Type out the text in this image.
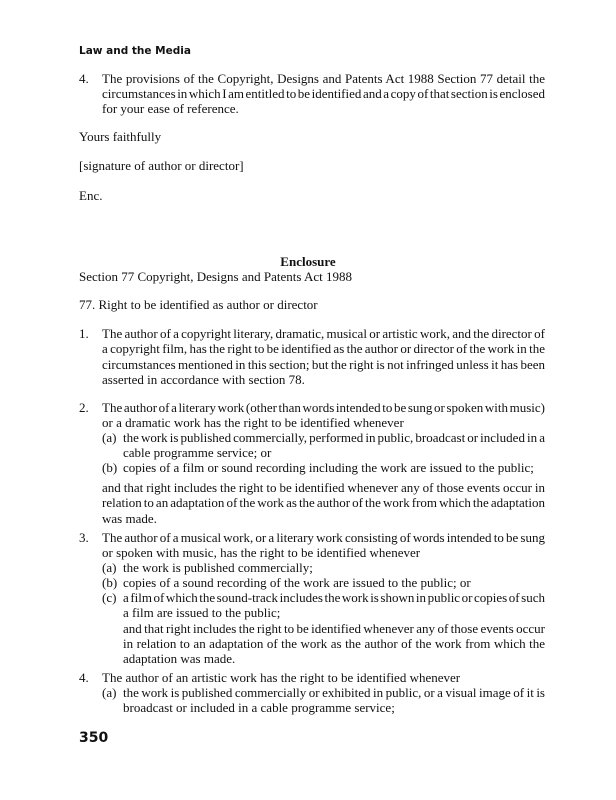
Law and the Media
Enclosure
350
4. The provisions of the Copyright, Designs and Patents Act 1988 Section 77 detail the
circumstances in which I am entitled to be identified and a copy of that section is enclosed
for your ease of reference.
Yours faithfully
[signature of author or director]
Enc.
Section 77 Copyright, Designs and Patents Act 1988
77. Right to be identified as author or director
1. The author of a copyright literary, dramatic, musical or artistic work, and the director of
a copyright film, has the right to be identified as the author or director of the work in the
circumstances mentioned in this section; but the right is not infringed unless it has been
asserted in accordance with section 78.
2. The author of a literary work (other than words intended to be sung or spoken with music)
or a dramatic work has the right to be identified whenever
(a) the work is published commercially, performed in public, broadcast or included in a
cable programme service; or
(b) copies of a film or sound recording including the work are issued to the public;
and that right includes the right to be identified whenever any of those events occur in
relation to an adaptation of the work as the author of the work from which the adaptation
was made.
3. The author of a musical work, or a literary work consisting of words intended to be sung
or spoken with music, has the right to be identified whenever
(a) the work is published commercially;
(b) copies of a sound recording of the work are issued to the public; or
(c) a film of which the sound-track includes the work is shown in public or copies of such
a film are issued to the public;
and that right includes the right to be identified whenever any of those events occur
in relation to an adaptation of the work as the author of the work from which the
adaptation was made.
4. The author of an artistic work has the right to be identified whenever
(a) the work is published commercially or exhibited in public, or a visual image of it is
broadcast or included in a cable programme service;
